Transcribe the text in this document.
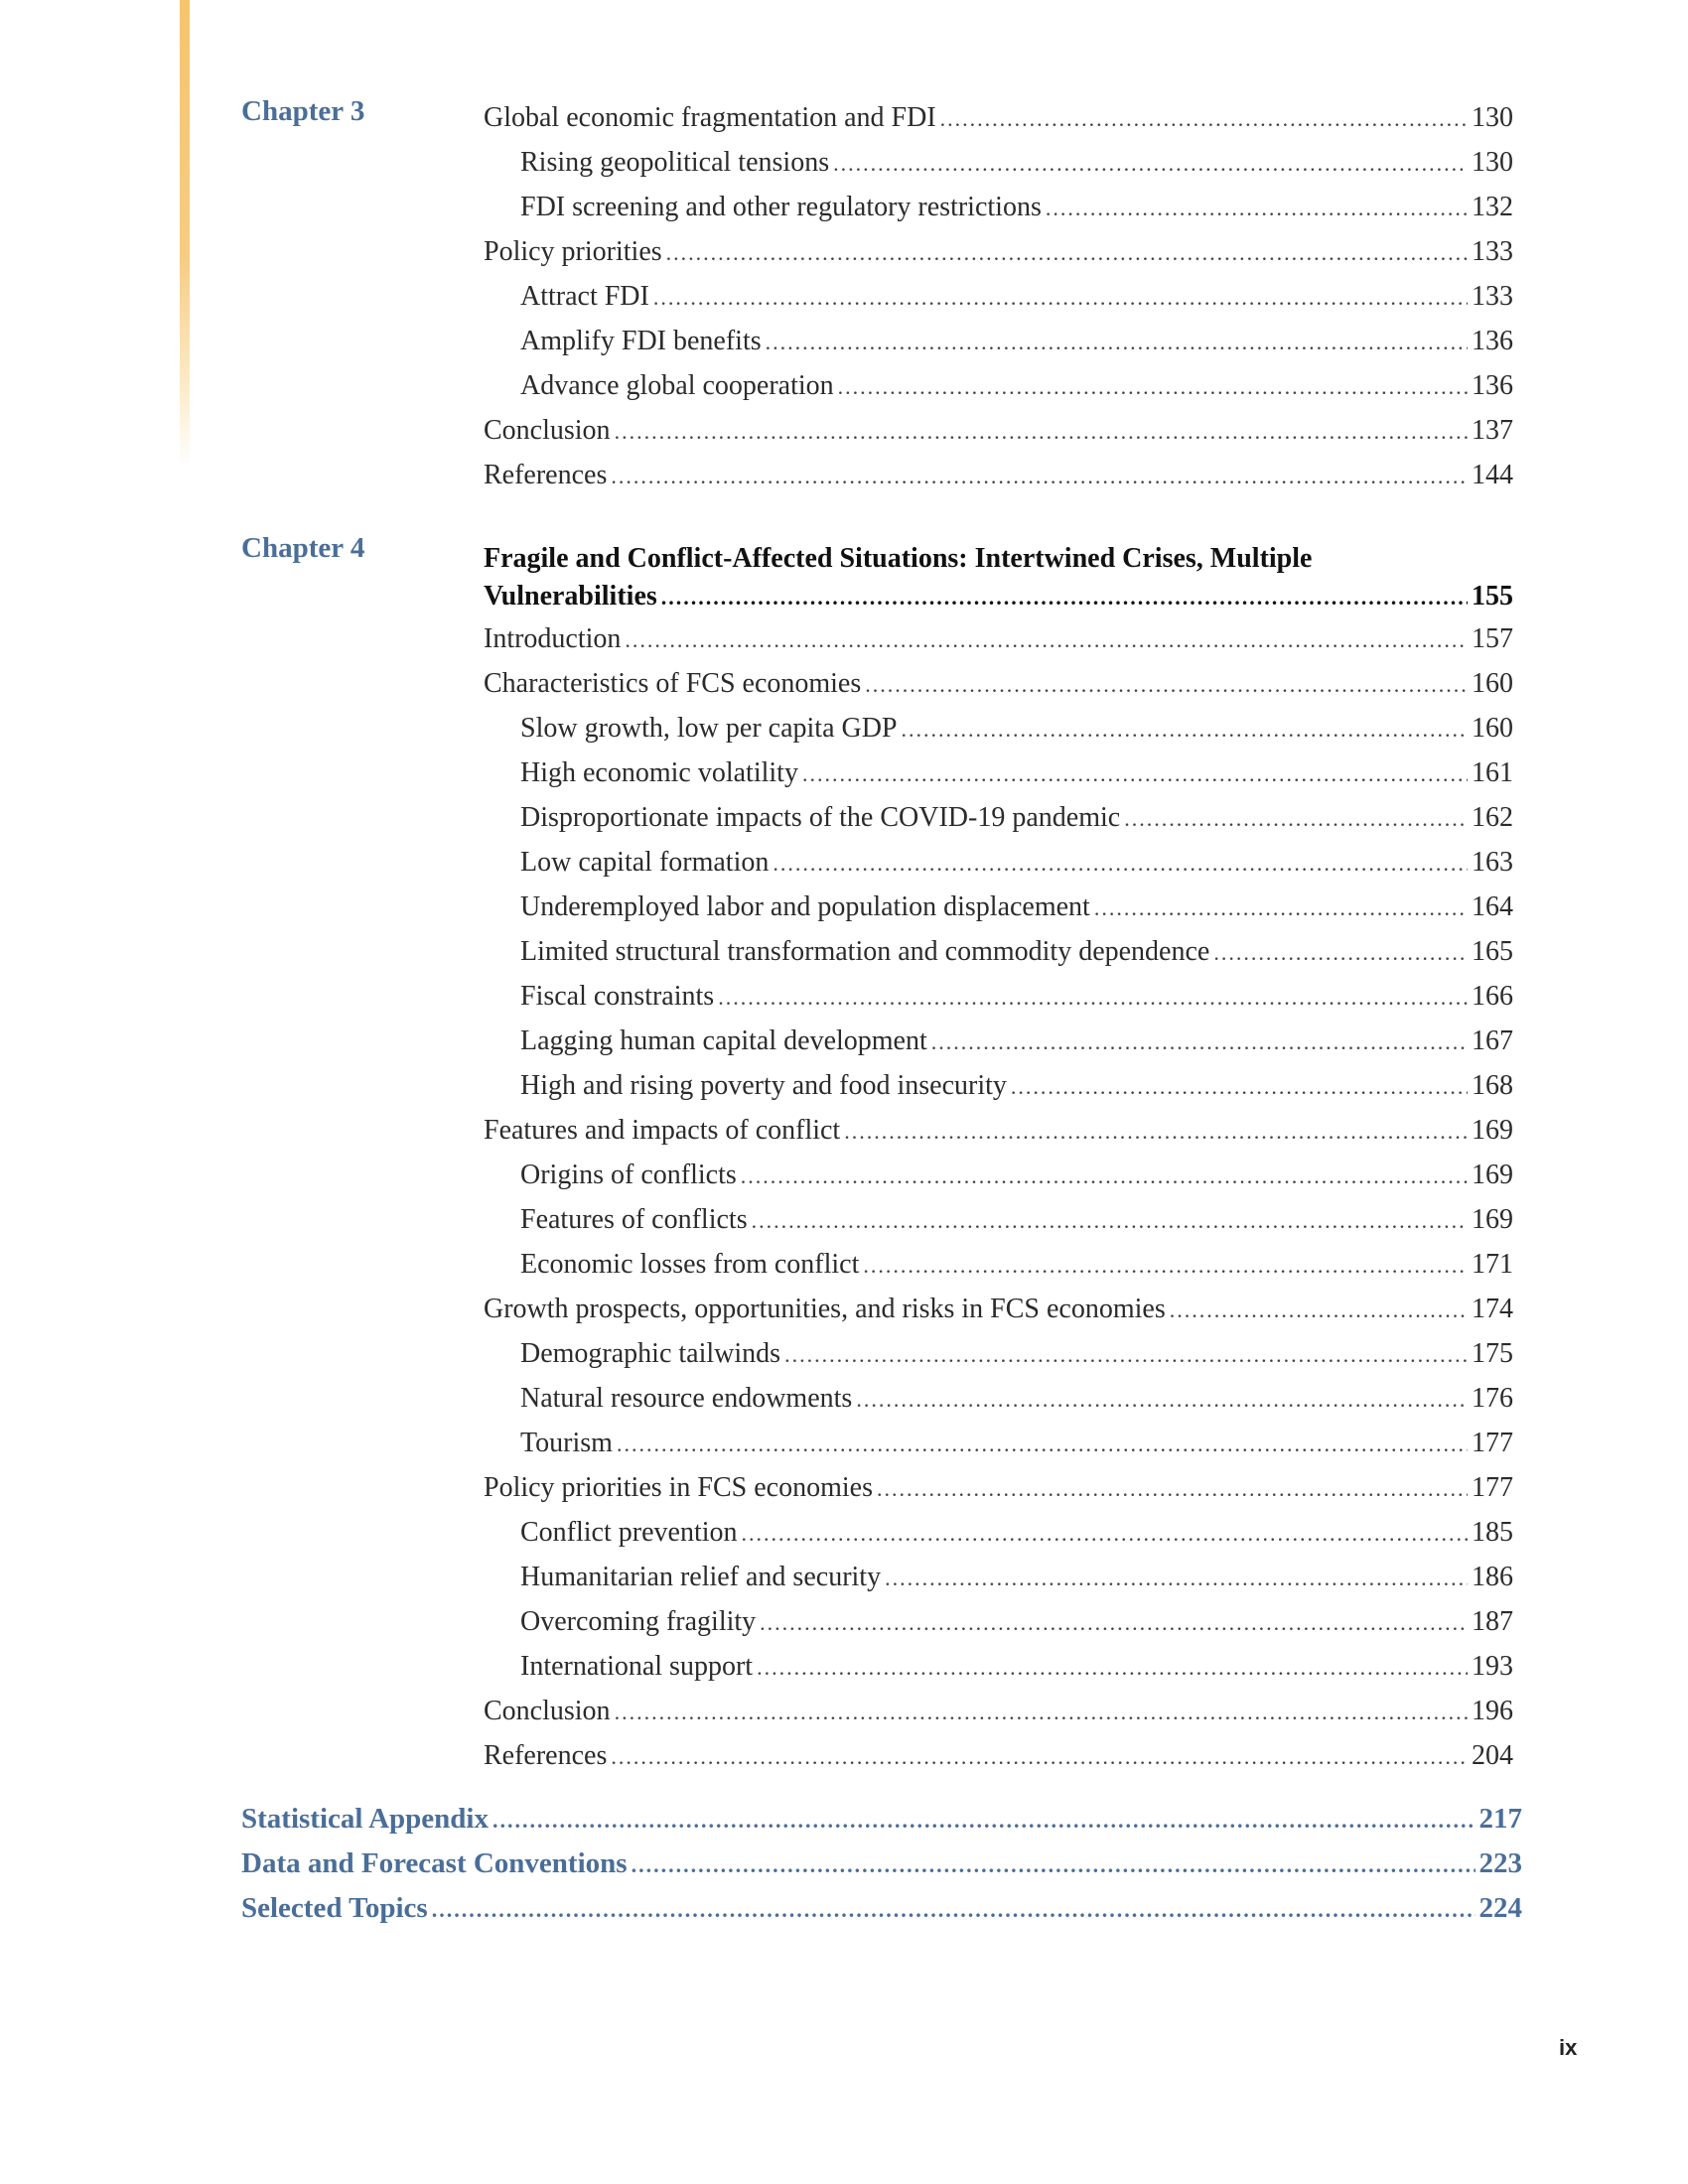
Chapter 3	Global economic fragmentation and FDI .....	130
Rising geopolitical tensions .....	130
FDI screening and other regulatory restrictions .....	132
Policy priorities .....	133
Attract FDI .....	133
Amplify FDI benefits .....	136
Advance global cooperation .....	136
Conclusion .....	137
References .....	144
Chapter 4	Fragile and Conflict-Affected Situations: Intertwined Crises, Multiple
Vulnerabilities .....	155
Introduction .....	157
Characteristics of FCS economies .....	160
Slow growth, low per capita GDP .....	160
High economic volatility .....	161
Disproportionate impacts of the COVID-19 pandemic .....	162
Low capital formation .....	163
Underemployed labor and population displacement .....	164
Limited structural transformation and commodity dependence .....	165
Fiscal constraints .....	166
Lagging human capital development .....	167
High and rising poverty and food insecurity .....	168
Features and impacts of conflict .....	169
Origins of conflicts .....	169
Features of conflicts .....	169
Economic losses from conflict .....	171
Growth prospects, opportunities, and risks in FCS economies .....	174
Demographic tailwinds .....	175
Natural resource endowments .....	176
Tourism .....	177
Policy priorities in FCS economies .....	177
Conflict prevention .....	185
Humanitarian relief and security .....	186
Overcoming fragility .....	187
International support .....	193
Conclusion .....	196
References .....	204
Statistical Appendix .....	217
Data and Forecast Conventions .....	223
Selected Topics .....	224
ix
